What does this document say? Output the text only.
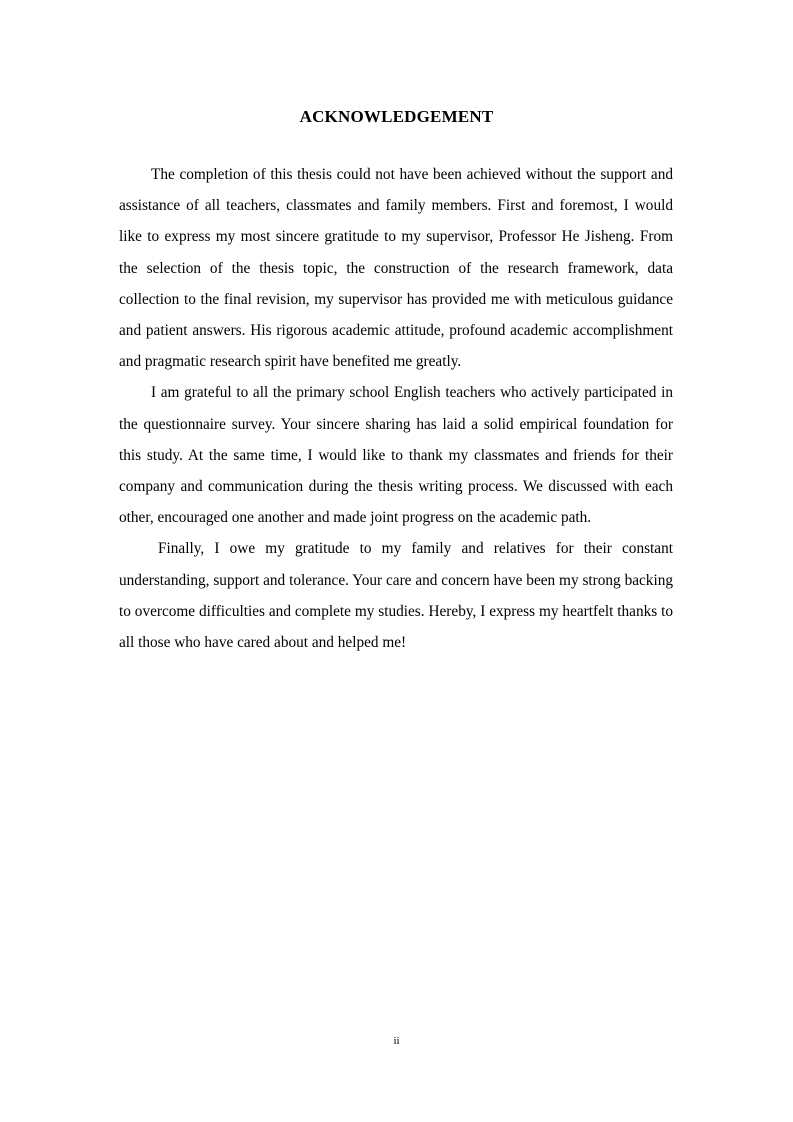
ACKNOWLEDGEMENT

The completion of this thesis could not have been achieved without the support and assistance of all teachers, classmates and family members. First and foremost, I would like to express my most sincere gratitude to my supervisor, Professor He Jisheng. From the selection of the thesis topic, the construction of the research framework, data collection to the final revision, my supervisor has provided me with meticulous guidance and patient answers. His rigorous academic attitude, profound academic accomplishment and pragmatic research spirit have benefited me greatly.

I am grateful to all the primary school English teachers who actively participated in the questionnaire survey. Your sincere sharing has laid a solid empirical foundation for this study. At the same time, I would like to thank my classmates and friends for their company and communication during the thesis writing process. We discussed with each other, encouraged one another and made joint progress on the academic path.

Finally, I owe my gratitude to my family and relatives for their constant understanding, support and tolerance. Your care and concern have been my strong backing to overcome difficulties and complete my studies. Hereby, I express my heartfelt thanks to all those who have cared about and helped me!

ii
